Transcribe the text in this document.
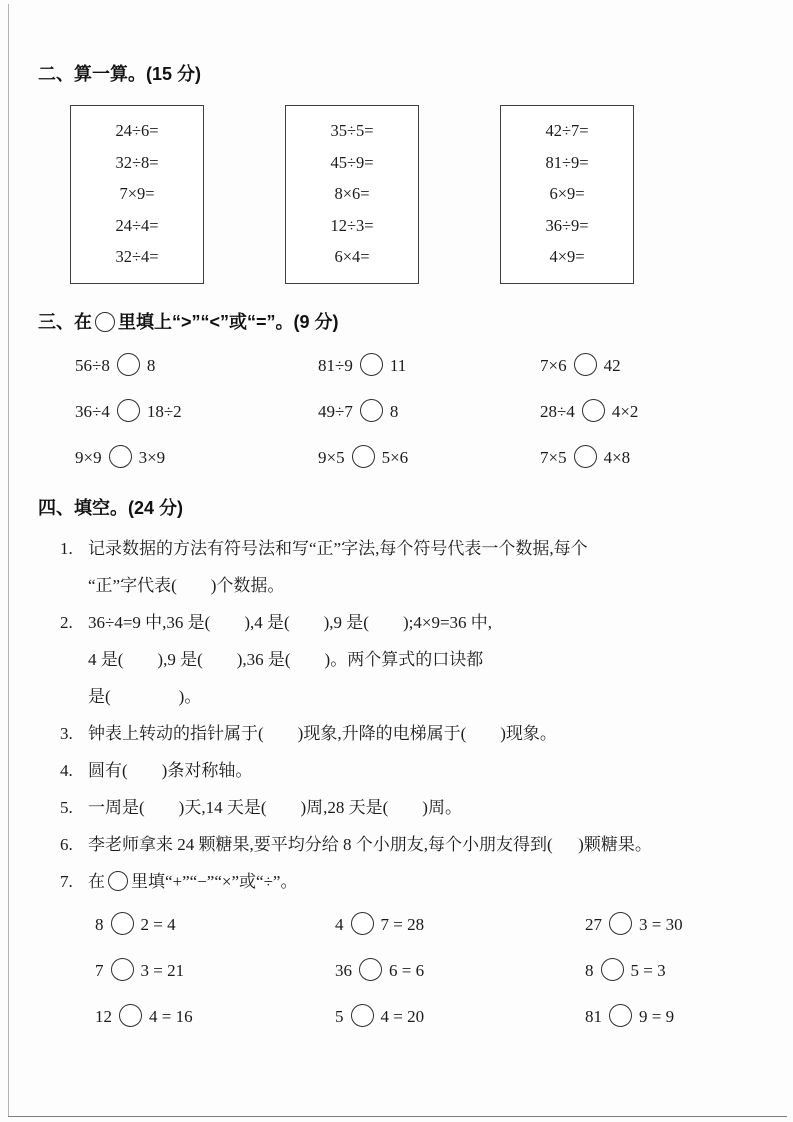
二、算一算。(15 分)
24÷6=
32÷8=
7×9=
24÷4=
32÷4=
35÷5=
45÷9=
8×6=
12÷3=
6×4=
42÷7=
81÷9=
6×9=
36÷9=
4×9=
三、在 里填上“>”“<”或“=”。(9 分)
56÷8 8	81÷9 11	7×6 42
36÷4 18÷2	49÷7 8	28÷4 4×2
9×9 3×9	9×5 5×6	7×5 4×8
四、填空。(24 分)
1. 记录数据的方法有符号法和写“正”字法,每个符号代表一个数据,每个
“正”字代表(        )个数据。
2. 36÷4=9 中,36 是(        ),4 是(        ),9 是(        );4×9=36 中,
4 是(        ),9 是(        ),36 是(        )。两个算式的口诀都
是(                )。
3. 钟表上转动的指针属于(        )现象,升降的电梯属于(        )现象。
4. 圆有(        )条对称轴。
5. 一周是(        )天,14 天是(        )周,28 天是(        )周。
6. 李老师拿来 24 颗糖果,要平均分给 8 个小朋友,每个小朋友得到(      )颗糖果。
7. 在 里填“+”“−”“×”或“÷”。
8 2 = 4	4 7 = 28	27 3 = 30
7 3 = 21	36 6 = 6	8 5 = 3
12 4 = 16	5 4 = 20	81 9 = 9
